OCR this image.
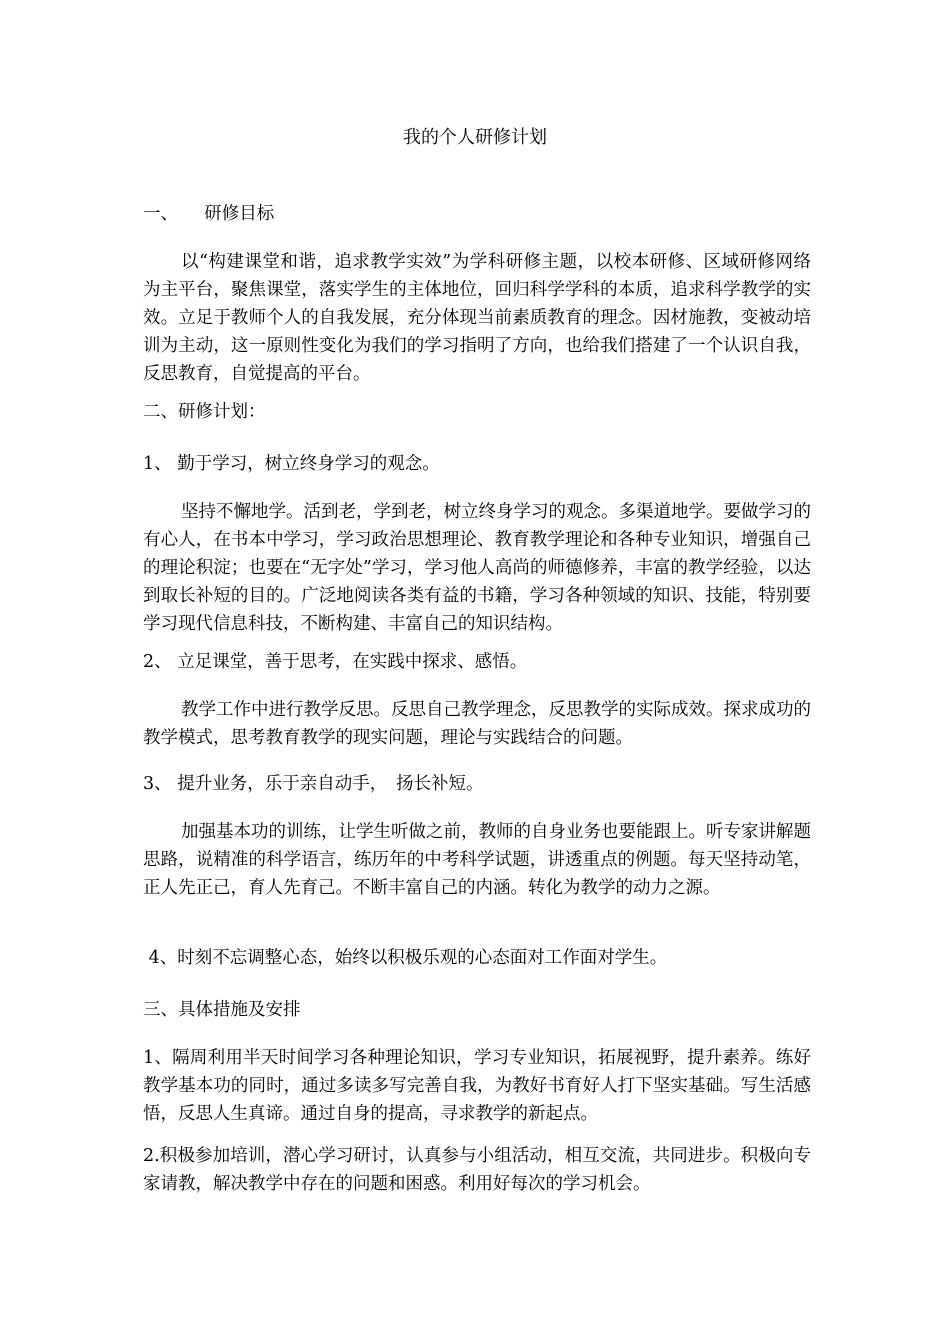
我的个人研修计划
一、　　研修目标

以“构建课堂和谐，追求教学实效”为学科研修主题，以校本研修、区域研修网络为主平台，聚焦课堂，落实学生的主体地位，回归科学学科的本质，追求科学教学的实效。立足于教师个人的自我发展，充分体现当前素质教育的理念。因材施教，变被动培训为主动，这一原则性变化为我们的学习指明了方向，也给我们搭建了一个认识自我，反思教育，自觉提高的平台。

二、研修计划：
1、 勤于学习，树立终身学习的观念。

坚持不懈地学。活到老，学到老，树立终身学习的观念。多渠道地学。要做学习的有心人，在书本中学习，学习政治思想理论、教育教学理论和各种专业知识，增强自己的理论积淀；也要在“无字处”学习，学习他人高尚的师德修养，丰富的教学经验，以达到取长补短的目的。广泛地阅读各类有益的书籍，学习各种领域的知识、技能，特别要学习现代信息科技，不断构建、丰富自己的知识结构。

2、 立足课堂，善于思考，在实践中探求、感悟。

教学工作中进行教学反思。反思自己教学理念，反思教学的实际成效。探求成功的教学模式，思考教育教学的现实问题，理论与实践结合的问题。

3、 提升业务，乐于亲自动手，　扬长补短。

加强基本功的训练，让学生听做之前，教师的自身业务也要能跟上。听专家讲解题思路，说精准的科学语言，练历年的中考科学试题，讲透重点的例题。每天坚持动笔，正人先正己，育人先育己。不断丰富自己的内涵。转化为教学的动力之源。

4、时刻不忘调整心态，始终以积极乐观的心态面对工作面对学生。
三、具体措施及安排

1、隔周利用半天时间学习各种理论知识，学习专业知识，拓展视野，提升素养。练好教学基本功的同时，通过多读多写完善自我，为教好书育好人打下坚实基础。写生活感悟，反思人生真谛。通过自身的提高，寻求教学的新起点。

2.积极参加培训，潜心学习研讨，认真参与小组活动，相互交流，共同进步。积极向专家请教，解决教学中存在的问题和困惑。利用好每次的学习机会。
